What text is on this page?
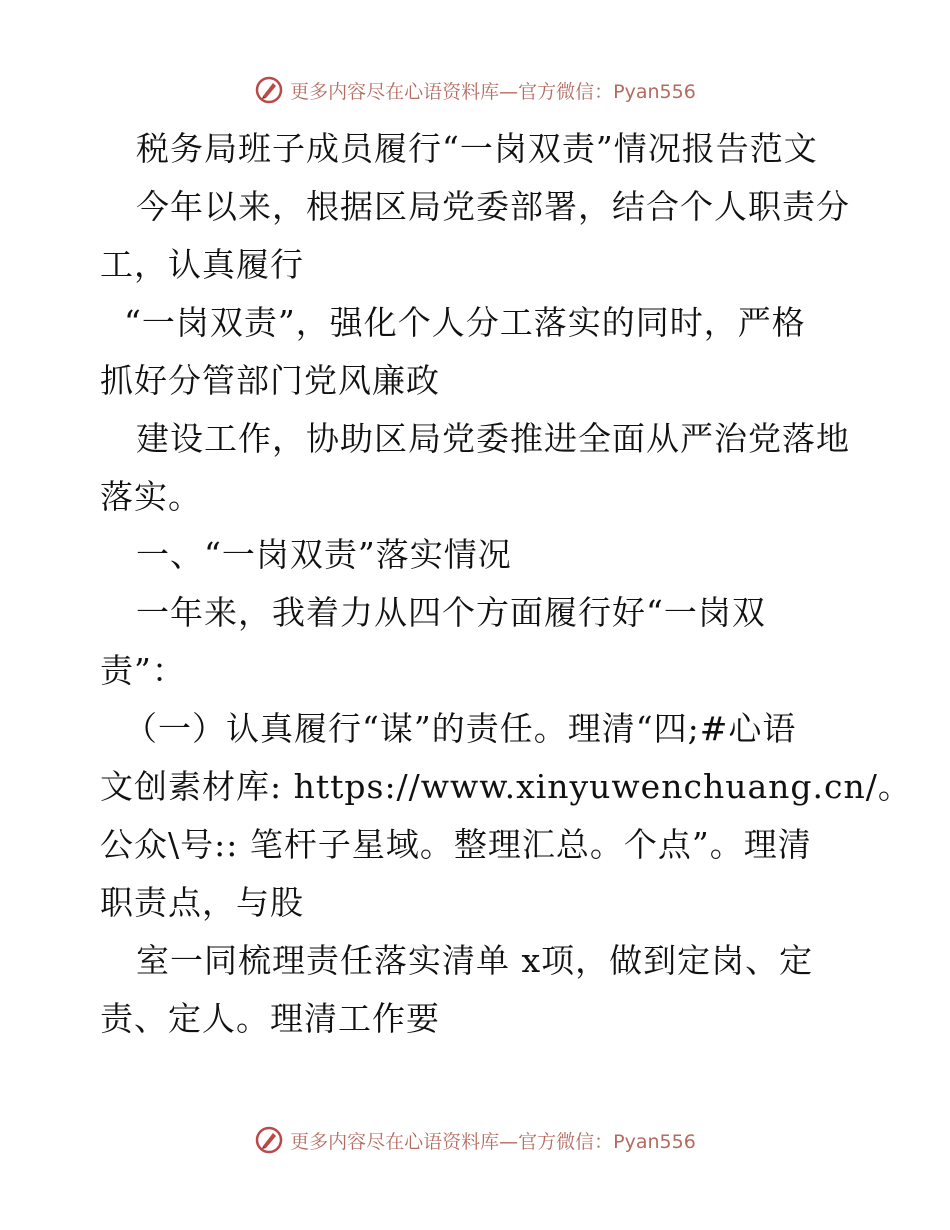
更多内容尽在心语资料库—官方微信：Pyan556
税务局班子成员履行“一岗双责”情况报告范文
今年以来，根据区局党委部署，结合个人职责分
工，认真履行
“一岗双责”，强化个人分工落实的同时，严格
抓好分管部门党风廉政
建设工作，协助区局党委推进全面从严治党落地
落实。
一、“一岗双责”落实情况
一年来，我着力从四个方面履行好“一岗双
责”：
（一）认真履行“谋”的责任。理清“四;#心语
文创素材库: https://www.xinyuwenchuang.cn/。
公众\号:: 笔杆子星域。整理汇总。个点”。理清
职责点，与股
室一同梳理责任落实清单 x项，做到定岗、定
责、定人。理清工作要
更多内容尽在心语资料库—官方微信：Pyan556
